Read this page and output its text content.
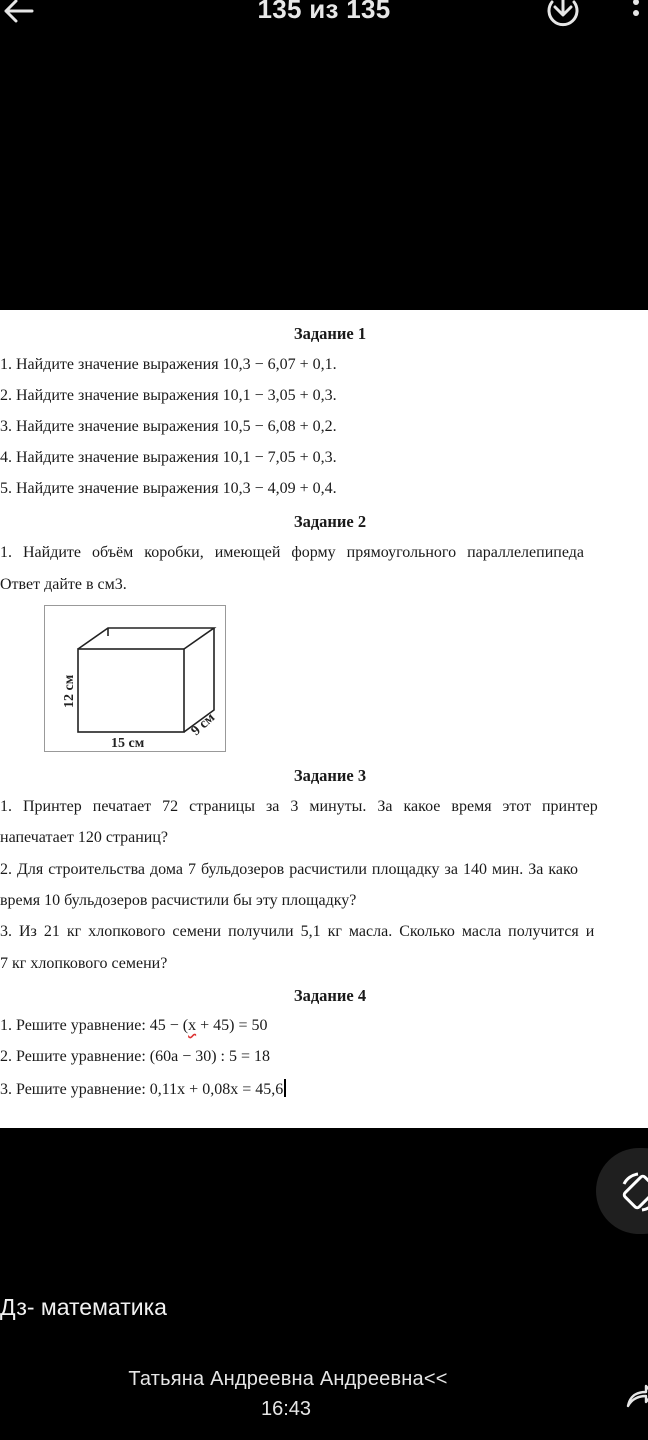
135 из 135
Задание 1
1. Найдите значение выражения 10,3 − 6,07 + 0,1.
2. Найдите значение выражения 10,1 − 3,05 + 0,3.
3. Найдите значение выражения 10,5 − 6,08 + 0,2.
4. Найдите значение выражения 10,1 − 7,05 + 0,3.
5. Найдите значение выражения 10,3 − 4,09 + 0,4.
Задание 2
1. Найдите объём коробки, имеющей форму прямоугольного параллелепипеда
Ответ дайте в см3.
12 см
15 см
9 см
Задание 3
1. Принтер печатает 72 страницы за 3 минуты. За какое время этот принтер
напечатает 120 страниц?
2. Для строительства дома 7 бульдозеров расчистили площадку за 140 мин. За како
время 10 бульдозеров расчистили бы эту площадку?
3. Из 21 кг хлопкового семени получили 5,1 кг масла. Сколько масла получится и
7 кг хлопкового семени?
Задание 4
1. Решите уравнение: 45 − (x + 45) = 50
2. Решите уравнение: (60a − 30) : 5 = 18
3. Решите уравнение: 0,11x + 0,08x = 45,6
Дз- математика
Татьяна Андреевна Андреевна<<
16:43
